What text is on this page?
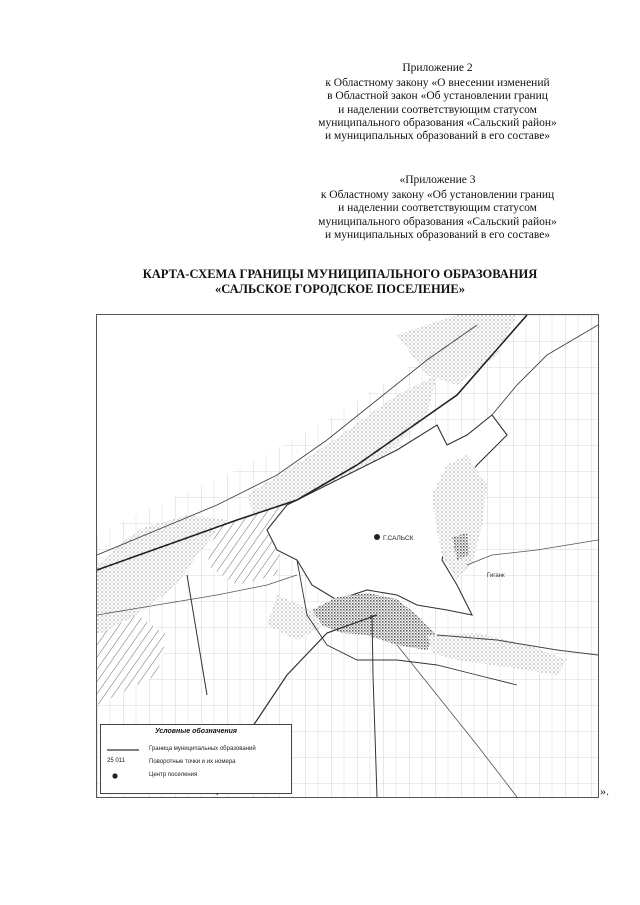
Приложение 2
к Областному закону «О внесении изменений
в Областной закон «Об установлении границ
и наделении соответствующим статусом
муниципального образования «Сальский район»
и муниципальных образований в его составе»
«Приложение 3
к Областному закону «Об установлении границ
и наделении соответствующим статусом
муниципального образования «Сальский район»
и муниципальных образований в его составе»
КАРТА-СХЕМА ГРАНИЦЫ МУНИЦИПАЛЬНОГО ОБРАЗОВАНИЯ
«САЛЬСКОЕ ГОРОДСКОЕ ПОСЕЛЕНИЕ»
Г.САЛЬСК
Гиганк
Условные обозначения
Граница муниципальных образований
25 011	Поворотные точки и их номера
Центр поселения
».
